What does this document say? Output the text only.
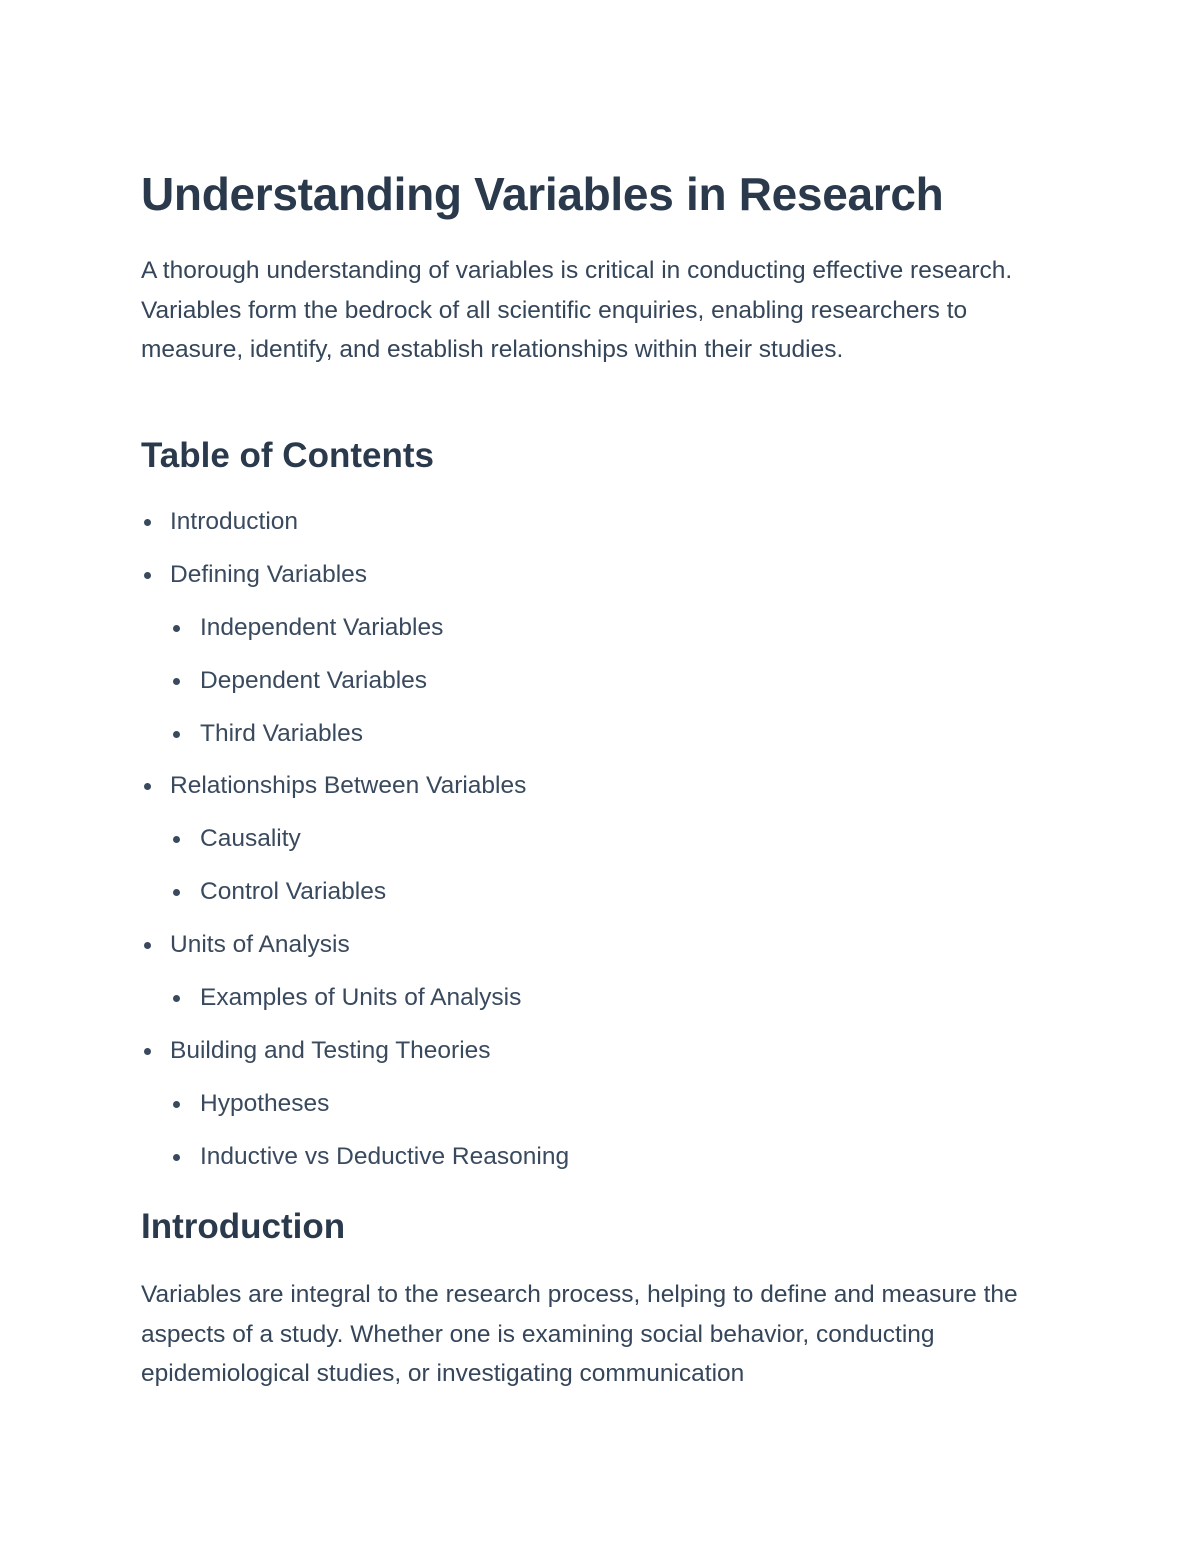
Understanding Variables in Research

A thorough understanding of variables is critical in conducting effective research. Variables form the bedrock of all scientific enquiries, enabling researchers to measure, identify, and establish relationships within their studies.

Table of Contents
Introduction
Defining Variables
Independent Variables
Dependent Variables
Third Variables
Relationships Between Variables
Causality
Control Variables
Units of Analysis
Examples of Units of Analysis
Building and Testing Theories
Hypotheses
Inductive vs Deductive Reasoning
Introduction

Variables are integral to the research process, helping to define and measure the aspects of a study. Whether one is examining social behavior, conducting epidemiological studies, or investigating communication
